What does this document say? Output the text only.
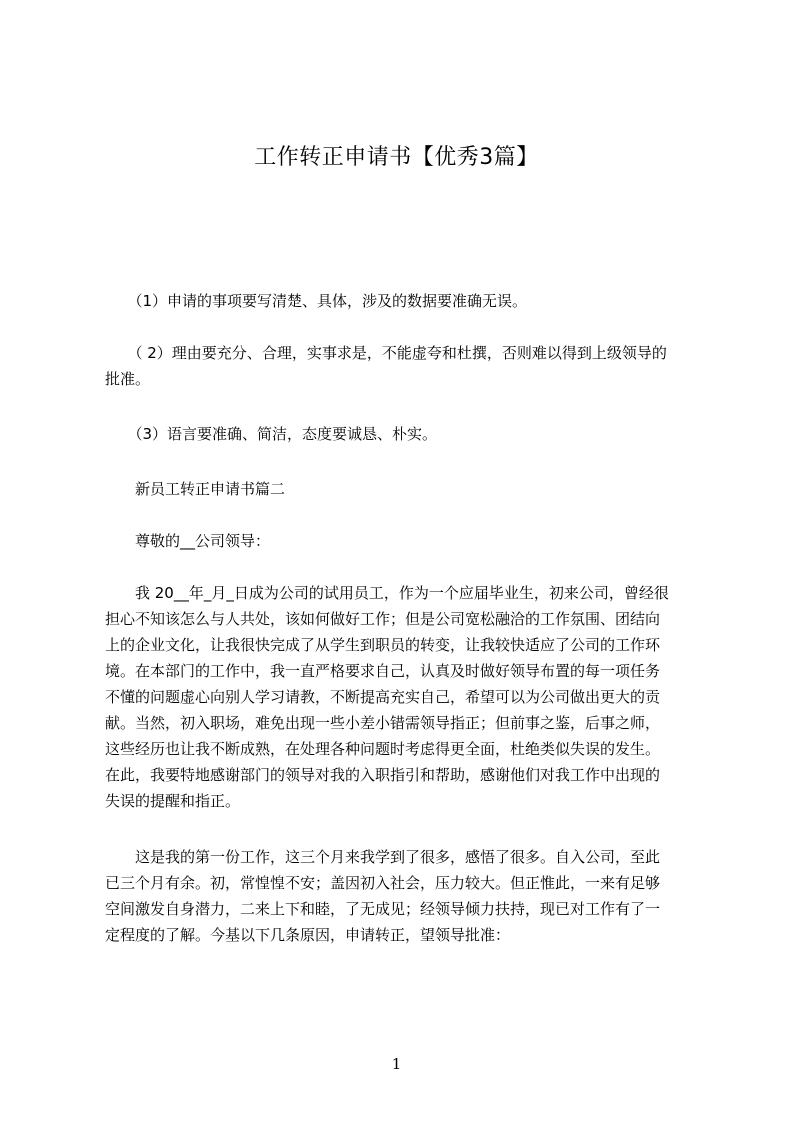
工作转正申请书【优秀3篇】
　　（1）申请的事项要写清楚、具体，涉及的数据要准确无误。
　　（ 2）理由要充分、合理，实事求是，不能虚夸和杜撰，否则难以得到上级领导的
批准。
　　（3）语言要准确、简洁，态度要诚恳、朴实。
　　新员工转正申请书篇二
　　尊敬的__公司领导：
　　我 20__年_月_日成为公司的试用员工，作为一个应届毕业生，初来公司，曾经很
担心不知该怎么与人共处，该如何做好工作；但是公司宽松融洽的工作氛围、团结向
上的企业文化，让我很快完成了从学生到职员的转变，让我较快适应了公司的工作环
境。在本部门的工作中，我一直严格要求自己，认真及时做好领导布置的每一项任务
不懂的问题虚心向别人学习请教，不断提高充实自己，希望可以为公司做出更大的贡
献。当然，初入职场，难免出现一些小差小错需领导指正；但前事之鉴，后事之师，
这些经历也让我不断成熟，在处理各种问题时考虑得更全面，杜绝类似失误的发生。
在此，我要特地感谢部门的领导对我的入职指引和帮助，感谢他们对我工作中出现的
失误的提醒和指正。
　　这是我的第一份工作，这三个月来我学到了很多，感悟了很多。自入公司，至此
已三个月有余。初，常惶惶不安；盖因初入社会，压力较大。但正惟此，一来有足够
空间激发自身潜力，二来上下和睦，了无成见；经领导倾力扶持，现已对工作有了一
定程度的了解。今基以下几条原因，申请转正，望领导批准：
1
